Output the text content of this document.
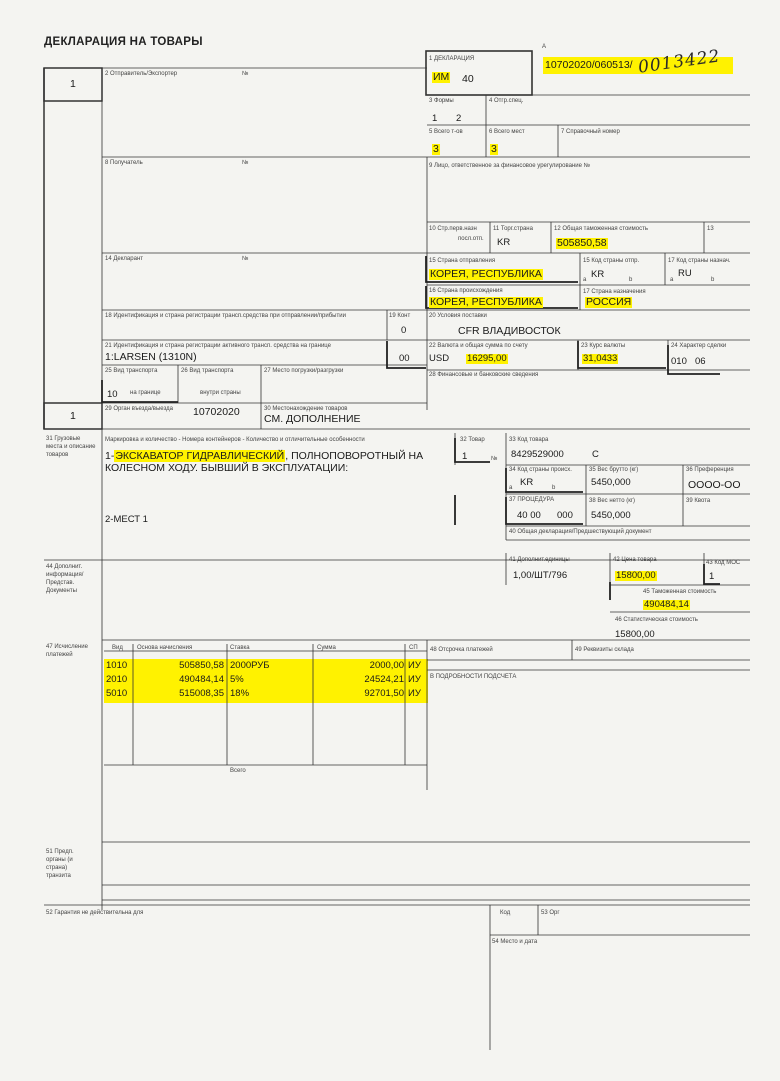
ДЕКЛАРАЦИЯ НА ТОВАРЫ	A
1
1
1 ДЕКЛАРАЦИЯ
ИМ 40
10702020/060513/ 0013422
2 Отправитель/Экспортер	№
3 Формы
1 2
4 Отгр.спец.
5 Всего т-ов
3
6 Всего мест
3
7 Справочный номер
8 Получатель	№	9 Лицо, ответственное за финансовое урегулирование №
10 Стр.перв.назн
посл.отп.
11 Торг.страна
KR
12 Общая таможенная стоимость
505850,58
13
14 Декларант	№	15 Страна отправления
КОРЕЯ, РЕСПУБЛИКА
15 Код страны отпр.
a KR	b
17 Код страны назнач.
a
RU
b
16 Страна происхождения
КОРЕЯ, РЕСПУБЛИКА
17 Страна назначения
РОССИЯ
18 Идентификация и страна регистрации трансп.средства при отправлении/прибытии	19 Конт
0
20 Условия поставки
CFR ВЛАДИВОСТОК
21 Идентификация и страна регистрации активного трансп. средства на границе
1:LARSEN (1310N)	00
22 Валюта и общая сумма по счету
USD 16295,00
23 Курс валюты
31,0433
24 Характер сделки
010 06
25 Вид транспорта
10 на границе
26 Вид транспорта
внутри страны
27 Место погрузки/разгрузки
28 Финансовые и банковские сведения
29 Орган въезда/выезда 10702020	30 Местонахождение товаров
СМ. ДОПОЛНЕНИЕ
31 Грузовые места и описание товаров
Маркировка и количество - Номера контейнеров - Количество и отличительные особенности
1-ЭКСКАВАТОР ГИДРАВЛИЧЕСКИЙ, ПОЛНОПОВОРОТНЫЙ НА
КОЛЕСНОМ ХОДУ. БЫВШИЙ В ЭКСПЛУАТАЦИИ:
2-МЕСТ 1
32 Товар
1	№
33 Код товара
8429529000	C
34 Код страны происх.
a KR	b
35 Вес брутто (кг)
5450,000
36 Преференция
ОООО-ОО
37 ПРОЦЕДУРА
40 00 000
38 Вес нетто (кг)
5450,000
39 Квота
40 Общая декларация/Предшествующий документ
44 Дополнит. информация/ Представ. Документы
41 Дополнит.единицы
1,00/ШТ/796
42 Цена товара
15800,00
43 Код МОС
1
45 Таможенная стоимость
490484,14
46 Статистическая стоимость
15800,00
47 Исчисление платежей
Вид Основа начисления	Ставка	Сумма	СП
1010	505850,58 2000РУБ	2000,00 ИУ
2010	490484,14 5%	24524,21 ИУ
5010	515008,35 18%	92701,50 ИУ
Всего
48 Отсрочка платежей	49 Реквизиты склада
В ПОДРОБНОСТИ ПОДСЧЕТА
51 Предп. органы (и страна) транзита
52 Гарантия не действительна для	Код	53 Орг
54 Место и дата
